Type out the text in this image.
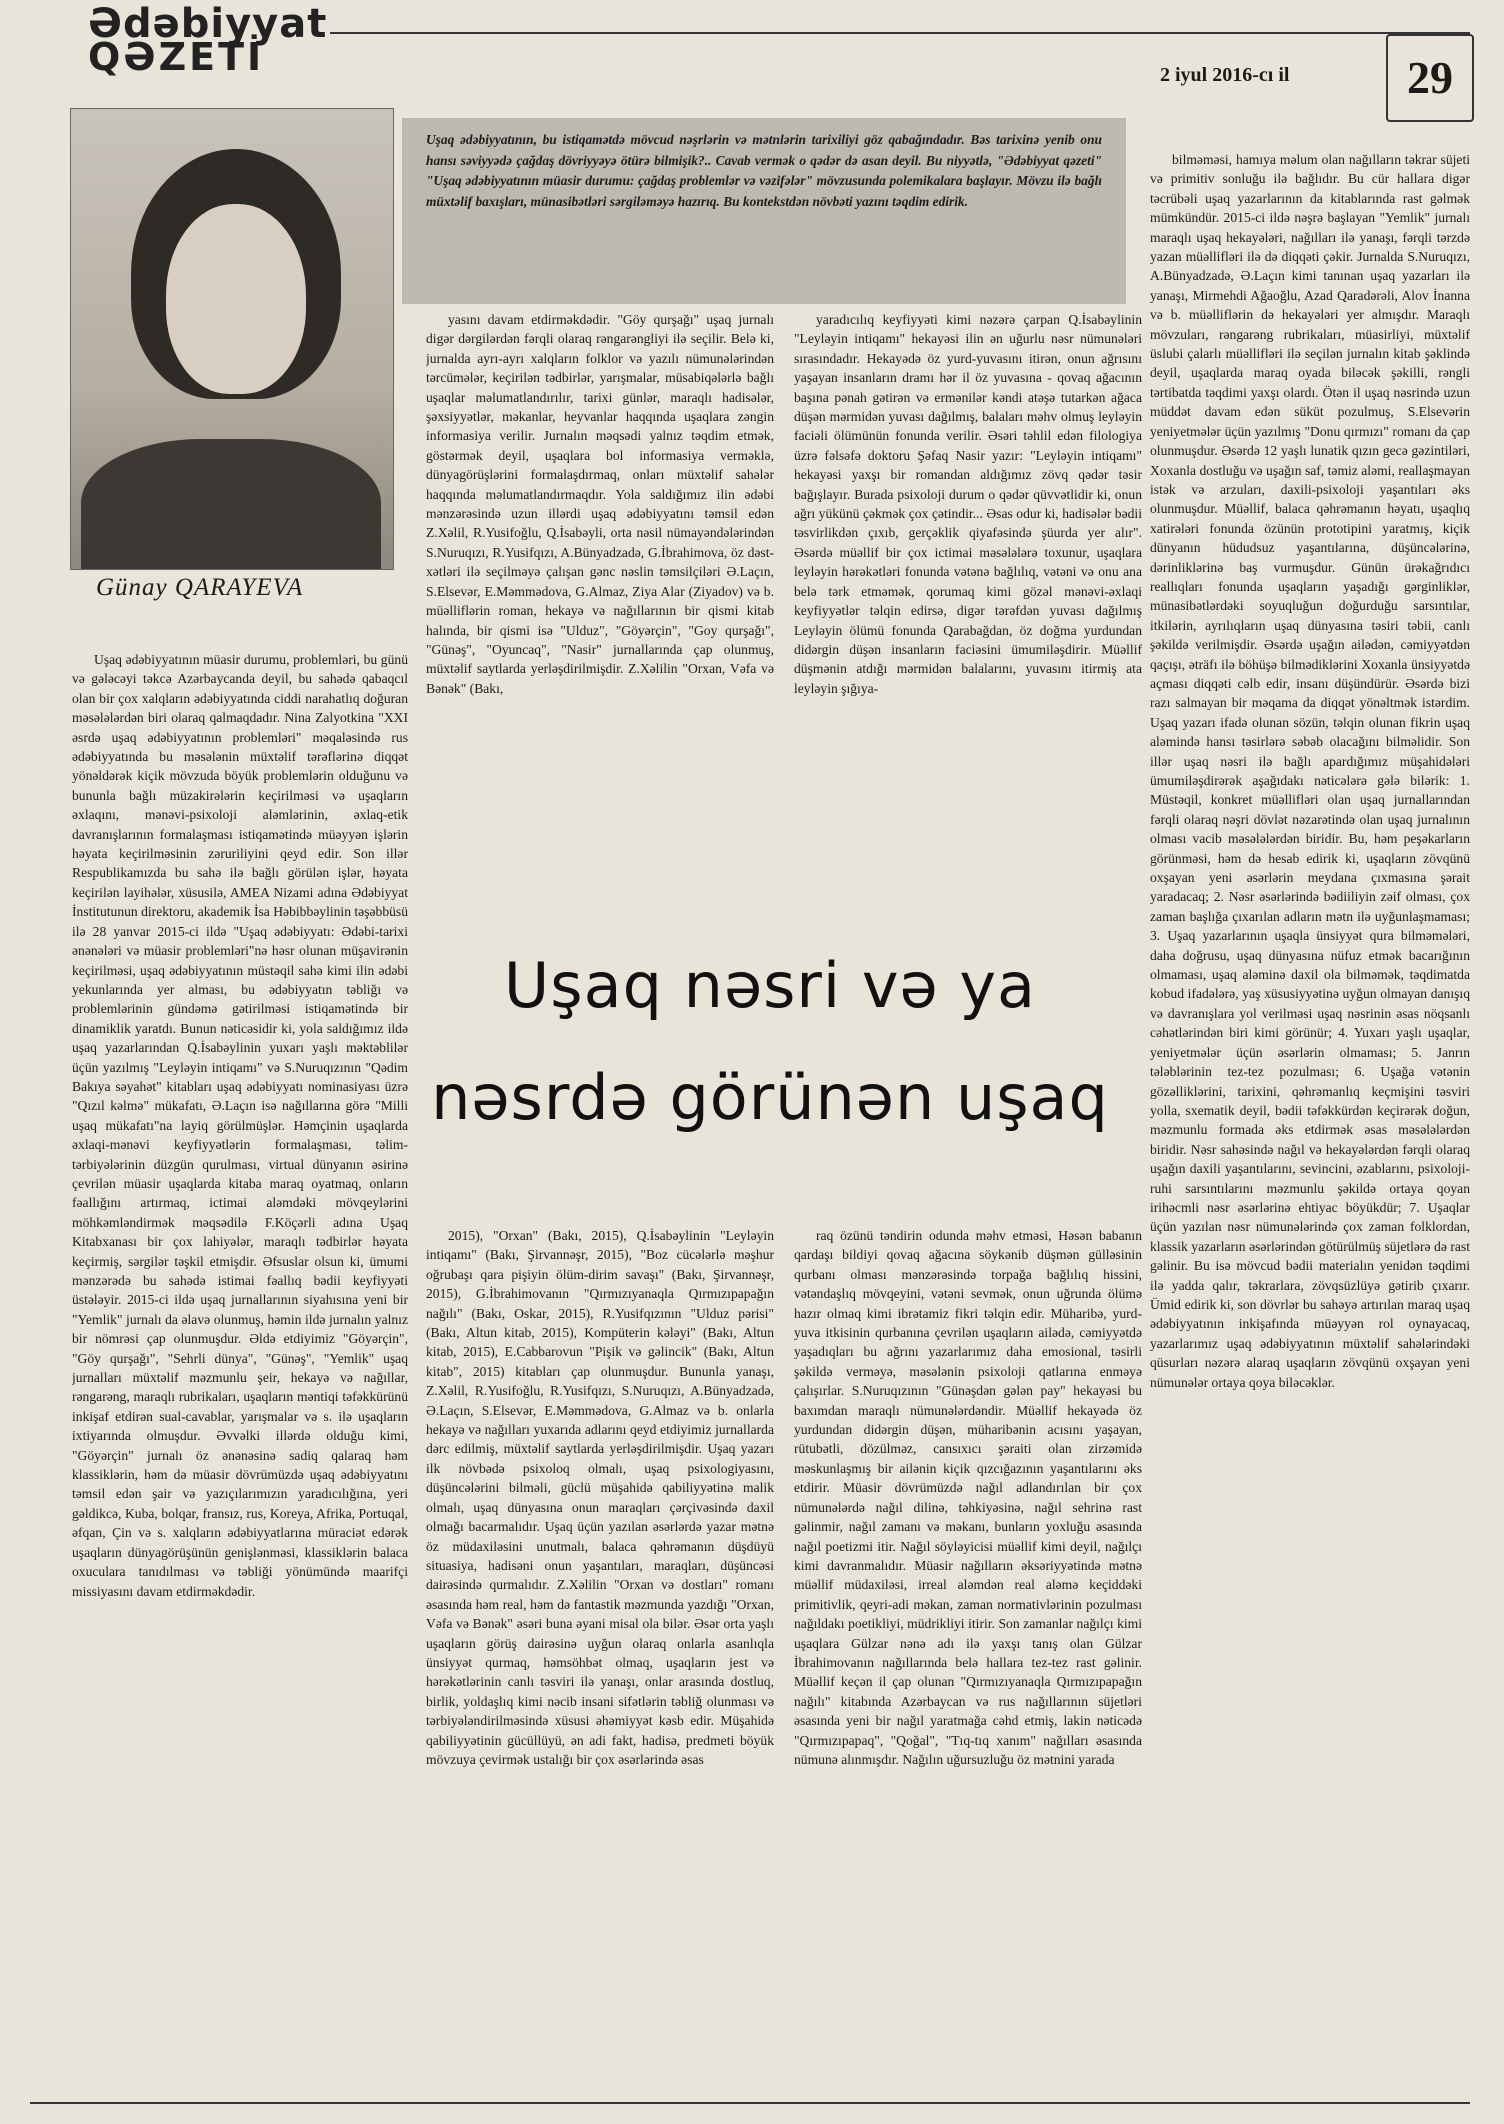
Ədəbiyyat
QƏZETİ	2 iyul 2016-cı il	29
Günay QARAYEVA
Uşaq ədəbiyyatının, bu istiqamətdə mövcud nəşrlərin və mətnlərin tarixiliyi göz qabağındadır. Bəs tarixinə yenib onu hansı səviyyədə çağdaş dövriyyəyə ötürə bilmişik?.. Cavab vermək o qədər də asan deyil. Bu niyyətlə, "Ədəbiyyat qəzeti" "Uşaq ədəbiyyatının müasir durumu: çağdaş problemlər və vəzifələr" mövzusunda polemikalara başlayır. Mövzu ilə bağlı müxtəlif baxışları, münasibətləri sərgiləməyə hazırıq. Bu kontekstdən növbəti yazını təqdim edirik.

Uşaq ədəbiyyatının müasir durumu, problemləri, bu günü və gələcəyi təkcə Azərbaycanda deyil, bu sahədə qabaqcıl olan bir çox xalqların ədəbiyyatında ciddi narahatlıq doğuran məsələlərdən biri olaraq qalmaqdadır. Nina Zalyotkina "XXI əsrdə uşaq ədəbiyyatının problemləri" məqaləsində rus ədəbiyyatında bu məsələnin müxtəlif tərəflərinə diqqət yönəldərək kiçik mövzuda böyük problemlərin olduğunu və bununla bağlı müzakirələrin keçirilməsi və uşaqların əxlaqını, mənəvi-psixoloji aləmlərinin, əxlaq-etik davranışlarının formalaşması istiqamətində müəyyən işlərin həyata keçirilməsinin zəruriliyini qeyd edir. Son illər Respublikamızda bu sahə ilə bağlı görülən işlər, həyata keçirilən layihələr, xüsusilə, AMEA Nizami adına Ədəbiyyat İnstitutunun direktoru, akademik İsa Həbibbəylinin təşəbbüsü ilə 28 yanvar 2015-ci ildə "Uşaq ədəbiyyatı: Ədəbi-tarixi ənənələri və müasir problemləri"nə həsr olunan müşavirənin keçirilməsi, uşaq ədəbiyyatının müstəqil sahə kimi ilin ədəbi yekunlarında yer alması, bu ədəbiyyatın təbliğı və problemlərinin gündəmə gətirilməsi istiqamətində bir dinamiklik yaratdı. Bunun nəticəsidir ki, yola saldığımız ildə uşaq yazarlarından Q.İsabəylinin yuxarı yaşlı məktəblilər üçün yazılmış "Leyləyin intiqamı" və S.Nuruqızının "Qədim Bakıya səyahət" kitabları uşaq ədəbiyyatı nominasiyası üzrə "Qızıl kəlmə" mükafatı, Ə.Laçın isə nağıllarına görə "Milli uşaq mükafatı"na layiq görülmüşlər. Həmçinin uşaqlarda əxlaqi-mənəvi keyfiyyətlərin formalaşması, təlim-tərbiyələrinin düzgün qurulması, virtual dünyanın əsirinə çevrilən müasir uşaqlarda kitaba maraq oyatmaq, onların fəallığını artırmaq, ictimai aləmdəki mövqeylərini möhkəmləndirmək məqsədilə F.Köçərli adına Uşaq Kitabxanası bir çox lahiyələr, maraqlı tədbirlər həyata keçirmiş, sərgilər təşkil etmişdir. Əfsuslar olsun ki, ümumi mənzərədə bu sahədə istimai fəallıq bədii keyfiyyəti üstələyir. 2015-ci ildə uşaq jurnallarının siyahısına yeni bir "Yemlik" jurnalı da əlavə olunmuş, həmin ildə jurnalın yalnız bir nömrəsi çap olunmuşdur. Əldə etdiyimiz "Göyərçin", "Göy qurşağı", "Sehrli dünya", "Günəş", "Yemlik" uşaq jurnalları müxtəlif məzmunlu şeir, hekayə və nağıllar, rəngarəng, maraqlı rubrikaları, uşaqların məntiqi təfəkkürünü inkişaf etdirən sual-cavablar, yarışmalar və s. ilə uşaqların ixtiyarında olmuşdur. Əvvəlki illərdə olduğu kimi, "Göyərçin" jurnalı öz ənənəsinə sadiq qalaraq həm klassiklərin, həm də müasir dövrümüzdə uşaq ədəbiyyatını təmsil edən şair və yazıçılarımızın yaradıcılığına, yeri gəldikcə, Kuba, bolqar, fransız, rus, Koreya, Afrika, Portuqal, əfqan, Çin və s. xalqların ədəbiyyatlarına müraciət edərək uşaqların dünyagörüşünün genişlənməsi, klassiklərin balaca oxuculara tanıdılması və təbliği yönümündə maarifçi missiyasını davam etdirməkdədir.

yasını davam etdirməkdədir. "Göy qurşağı" uşaq jurnalı digər dərgilərdən fərqli olaraq rəngarəngliyi ilə seçilir. Belə ki, jurnalda ayrı-ayrı xalqların folklor və yazılı nümunələrindən tərcümələr, keçirilən tədbirlər, yarışmalar, müsabiqələrlə bağlı uşaqlar məlumatlandırılır, tarixi günlər, maraqlı hadisələr, şəxsiyyətlər, məkanlar, heyvanlar haqqında uşaqlara zəngin informasiya verilir. Jurnalın məqsədi yalnız təqdim etmək, göstərmək deyil, uşaqlara bol informasiya verməklə, dünyagörüşlərini formalaşdırmaq, onları müxtəlif sahələr haqqında məlumatlandırmaqdır. Yola saldığımız ilin ədəbi mənzərəsində uzun illərdi uşaq ədəbiyyatını təmsil edən Z.Xəlil, R.Yusifoğlu, Q.İsabəyli, orta nəsil nümayəndələrindən S.Nuruqızı, R.Yusifqızı, A.Bünyadzadə, G.İbrahimova, öz dəst-xətləri ilə seçilməyə çalışan gənc nəslin təmsilçiləri Ə.Laçın, S.Elsevər, E.Məmmədova, G.Almaz, Ziya Alar (Ziyadov) və b. müəlliflərin roman, hekayə və nağıllarının bir qismi kitab halında, bir qismi isə "Ulduz", "Göyərçin", "Goy qurşağı", "Günəş", "Oyuncaq", "Nasir" jurnallarında çap olunmuş, müxtəlif saytlarda yerləşdirilmişdir. Z.Xəlilin "Orxan, Vəfa və Bənək" (Bakı,

yaradıcılıq keyfiyyəti kimi nəzərə çarpan Q.İsabəylinin "Leyləyin intiqamı" hekayəsi ilin ən uğurlu nəsr nümunələri sırasındadır. Hekayədə öz yurd-yuvasını itirən, onun ağrısını yaşayan insanların dramı hər il öz yuvasına - qovaq ağacının başına pənah gətirən və ermənilər kəndi atəşə tutarkən ağaca düşən mərmidən yuvası dağılmış, balaları məhv olmuş leyləyin faciəli ölümünün fonunda verilir. Əsəri təhlil edən filologiya üzrə fəlsəfə doktoru Şəfaq Nasir yazır: "Leyləyin intiqamı" hekayəsi yaxşı bir romandan aldığımız zövq qədər təsir bağışlayır. Burada psixoloji durum o qədər qüvvətlidir ki, onun ağrı yükünü çəkmək çox çətindir... Əsas odur ki, hadisələr bədii təsvirlikdən çıxıb, gerçəklik qiyafəsində şüurda yer alır". Əsərdə müəllif bir çox ictimai məsələlərə toxunur, uşaqlara leyləyin hərəkətləri fonunda vətənə bağlılıq, vətəni və onu ana belə tərk etməmək, qorumaq kimi gözəl mənəvi-əxlaqi keyfiyyətlər təlqin edirsə, digər tərəfdən yuvası dağılmış Leyləyin ölümü fonunda Qarabağdan, öz doğma yurdundan didərgin düşən insanların faciəsini ümumiləşdirir. Müəllif düşmənin atdığı mərmidən balalarını, yuvasını itirmiş ata leyləyin şığıya-

Uşaq nəsri və ya
nəsrdə görünən uşaq

2015), "Orxan" (Bakı, 2015), Q.İsabəylinin "Leyləyin intiqamı" (Bakı, Şirvannəşr, 2015), "Boz cücələrlə məşhur oğrubaşı qara pişiyin ölüm-dirim savaşı" (Bakı, Şirvannəşr, 2015), G.İbrahimovanın "Qırmızıyanaqla Qırmızıpapağın nağılı" (Bakı, Oskar, 2015), R.Yusifqızının "Ulduz pərisi" (Bakı, Altun kitab, 2015), Kompüterin kələyi" (Bakı, Altun kitab, 2015), E.Cabbarovun "Pişik və gəlincik" (Bakı, Altun kitab", 2015) kitabları çap olunmuşdur. Bununla yanaşı, Z.Xəlil, R.Yusifoğlu, R.Yusifqızı, S.Nuruqızı, A.Bünyadzadə, Ə.Laçın, S.Elsevər, E.Məmmədova, G.Almaz və b. onlarla hekayə və nağılları yuxarıda adlarını qeyd etdiyimiz jurnallarda dərc edilmiş, müxtəlif saytlarda yerləşdirilmişdir. Uşaq yazarı ilk növbədə psixoloq olmalı, uşaq psixologiyasını, düşüncələrini bilməli, güclü müşahidə qabiliyyətinə malik olmalı, uşaq dünyasına onun maraqları çərçivəsində daxil olmağı bacarmalıdır. Uşaq üçün yazılan əsərlərdə yazar mətnə öz müdaxiləsini unutmalı, balaca qəhrəmanın düşdüyü situasiya, hadisəni onun yaşantıları, maraqları, düşüncəsi dairəsində qurmalıdır. Z.Xəlilin "Orxan və dostları" romanı əsasında həm real, həm də fantastik məzmunda yazdığı "Orxan, Vəfa və Bənək" əsəri buna əyani misal ola bilər. Əsər orta yaşlı uşaqların görüş dairəsinə uyğun olaraq onlarla asanlıqla ünsiyyət qurmaq, həmsöhbət olmaq, uşaqların jest və hərəkətlərinin canlı təsviri ilə yanaşı, onlar arasında dostluq, birlik, yoldaşlıq kimi nəcib insani sifətlərin təbliğ olunması və tərbiyələndirilməsində xüsusi əhəmiyyət kəsb edir. Müşahidə qabiliyyətinin gücüllüyü, ən adi fakt, hadisə, predmeti böyük mövzuya çevirmək ustalığı bir çox əsərlərində əsas

raq özünü təndirin odunda məhv etməsi, Həsən babanın qardaşı bildiyi qovaq ağacına söykənib düşmən gülləsinin qurbanı olması mənzərəsində torpağa bağlılıq hissini, vətəndaşlıq mövqeyini, vətəni sevmək, onun uğrunda ölümə hazır olmaq kimi ibrətamiz fikri təlqin edir. Müharibə, yurd-yuva itkisinin qurbanına çevrilən uşaqların ailədə, cəmiyyətdə yaşadıqları bu ağrını yazarlarımız daha emosional, təsirli şəkildə verməyə, məsələnin psixoloji qatlarına enməyə çalışırlar. S.Nuruqızının "Günəşdən gələn pay" hekayəsi bu baxımdan maraqlı nümunələrdəndir. Müəllif hekayədə öz yurdundan didərgin düşən, müharibənin acısını yaşayan, rütubətli, dözülməz, cansıxıcı şəraiti olan zirzəmidə məskunlaşmış bir ailənin kiçik qızcığazının yaşantılarını əks etdirir. Müasir dövrümüzdə nağıl adlandırılan bir çox nümunələrdə nağıl dilinə, təhkiyəsinə, nağıl sehrinə rast gəlinmir, nağıl zamanı və məkanı, bunların yoxluğu əsasında nağıl poetizmi itir. Nağıl söyləyicisi müəllif kimi deyil, nağılçı kimi davranmalıdır. Müasir nağılların əksəriyyətində mətnə müəllif müdaxiləsi, irreal aləmdən real aləmə keçiddəki primitivlik, qeyri-adi məkan, zaman normativlərinin pozulması nağıldakı poetikliyi, müdrikliyi itirir. Son zamanlar nağılçı kimi uşaqlara Gülzar nənə adı ilə yaxşı tanış olan Gülzar İbrahimovanın nağıllarında belə hallara tez-tez rast gəlinir. Müəllif keçən il çap olunan "Qırmızıyanaqla Qırmızıpapağın nağılı" kitabında Azərbaycan və rus nağıllarının süjetləri əsasında yeni bir nağıl yaratmağa cəhd etmiş, lakin nəticədə "Qırmızıpapaq", "Qoğal", "Tıq-tıq xanım" nağılları əsasında nümunə alınmışdır. Nağılın uğursuzluğu öz mətnini yarada

bilməməsi, hamıya məlum olan nağılların təkrar süjeti və primitiv sonluğu ilə bağlıdır. Bu cür hallara digər təcrübəli uşaq yazarlarının da kitablarında rast gəlmək mümkündür. 2015-ci ildə nəşrə başlayan "Yemlik" jurnalı maraqlı uşaq hekayələri, nağılları ilə yanaşı, fərqli tərzdə yazan müəllifləri ilə də diqqəti çəkir. Jurnalda S.Nuruqızı, A.Bünyadzadə, Ə.Laçın kimi tanınan uşaq yazarları ilə yanaşı, Mirmehdi Ağaoğlu, Azad Qaradərəli, Alov İnanna və b. müəlliflərin də hekayələri yer almışdır. Maraqlı mövzuları, rəngarəng rubrikaları, müasirliyi, müxtəlif üslubi çalarlı müəllifləri ilə seçilən jurnalın kitab şəklində deyil, uşaqlarda maraq oyada biləcək şəkilli, rəngli tərtibatda təqdimi yaxşı olardı. Ötən il uşaq nəsrində uzun müddət davam edən süküt pozulmuş, S.Elsevərin yeniyetmələr üçün yazılmış "Donu qırmızı" romanı da çap olunmuşdur. Əsərdə 12 yaşlı lunatik qızın gecə gəzintiləri, Xoxanla dostluğu və uşağın saf, təmiz aləmi, reallaşmayan istək və arzuları, daxili-psixoloji yaşantıları əks olunmuşdur. Müəllif, balaca qəhrəmanın həyatı, uşaqlıq xatirələri fonunda özünün prototipini yaratmış, kiçik dünyanın hüdudsuz yaşantılarına, düşüncələrinə, dərinliklərinə baş vurmuşdur. Günün ürəkağrıdıcı reallıqları fonunda uşaqların yaşadığı gərginliklər, münasibətlərdəki soyuqluğun doğurduğu sarsıntılar, itkilərin, ayrılıqların uşaq dünyasına təsiri təbii, canlı şəkildə verilmişdir. Əsərdə uşağın ailədən, cəmiyyətdən qaçışı, əträfı ilə böhüşə bilmədiklərini Xoxanla ünsiyyətdə açması diqqəti cəlb edir, insanı düşündürür. Əsərdə bizi razı salmayan bir məqama da diqqət yönəltmək istərdim. Uşaq yazarı ifadə olunan sözün, təlqin olunan fikrin uşaq aləmində hansı təsirlərə səbəb olacağını bilməlidir. Son illər uşaq nəsri ilə bağlı apardığımız müşahidələri ümumiləşdirərək aşağıdakı nəticələrə gələ bilərik: 1. Müstəqil, konkret müəllifləri olan uşaq jurnallarından fərqli olaraq nəşri dövlət nəzarətində olan uşaq jurnalının olması vacib məsələlərdən biridir. Bu, həm peşəkarların görünməsi, həm də hesab edirik ki, uşaqların zövqünü oxşayan yeni əsərlərin meydana çıxmasına şərait yaradacaq; 2. Nəsr əsərlərində bədiiliyin zəif olması, çox zaman başlığa çıxarılan adların mətn ilə uyğunlaşmaması; 3. Uşaq yazarlarının uşaqla ünsiyyət qura bilməmələri, daha doğrusu, uşaq dünyasına nüfuz etmək bacarığının olmaması, uşaq aləminə daxil ola bilməmək, təqdimatda kobud ifadələrə, yaş xüsusiyyətinə uyğun olmayan danışıq və davranışlara yol verilməsi uşaq nəsrinin əsas nöqsanlı cəhətlərindən biri kimi görünür; 4. Yuxarı yaşlı uşaqlar, yeniyetmələr üçün əsərlərin olmaması; 5. Janrın tələblərinin tez-tez pozulması; 6. Uşağa vətənin gözəlliklərini, tarixini, qəhrəmanlıq keçmişini təsviri yolla, sxematik deyil, bədii təfəkkürdən keçirərək doğun, məzmunlu formada əks etdirmək əsas məsələlərdən biridir. Nəsr sahəsində nağıl və hekayələrdən fərqli olaraq uşağın daxili yaşantılarını, sevincini, əzablarını, psixoloji-ruhi sarsıntılarını məzmunlu şəkildə ortaya qoyan irihəcmli nəsr əsərlərinə ehtiyac böyükdür; 7. Uşaqlar üçün yazılan nəsr nümunələrində çox zaman folklordan, klassik yazarların əsərlərindən götürülmüş süjetlərə də rast gəlinir. Bu isə mövcud bədii materialın yenidən təqdimi ilə yadda qalır, təkrarlara, zövqsüzlüyə gətirib çıxarır. Ümid edirik ki, son dövrlər bu sahəyə artırılan maraq uşaq ədəbiyyatının inkişafında müəyyən rol oynayacaq, yazarlarımız uşaq ədəbiyyatının müxtəlif sahələrindəki qüsurları nəzərə alaraq uşaqların zövqünü oxşayan yeni nümunələr ortaya qoya biləcəklər.
